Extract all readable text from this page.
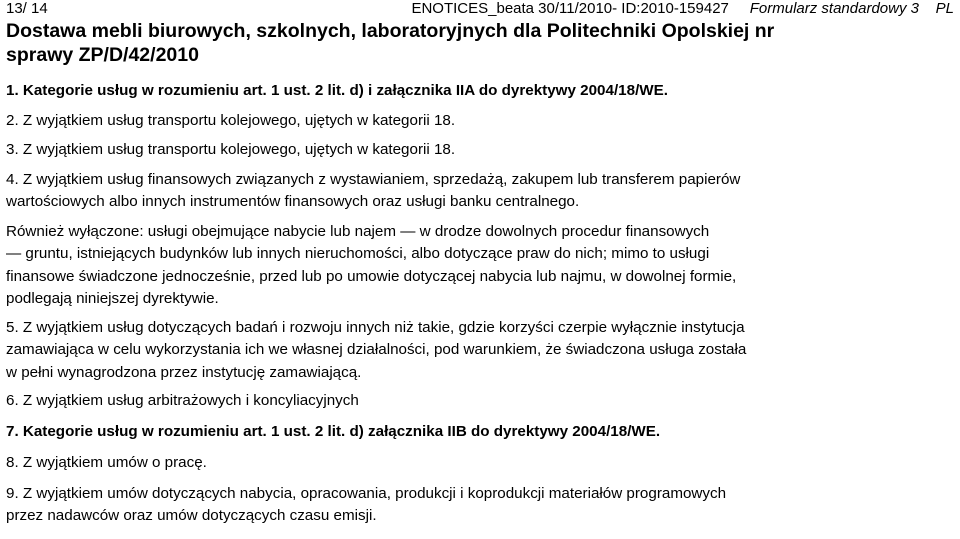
13/ 14	ENOTICES_beata 30/11/2010- ID:2010-159427 Formularz standardowy 3 PL
Dostawa mebli biurowych, szkolnych, laboratoryjnych dla Politechniki Opolskiej nr
sprawy ZP/D/42/2010

1. Kategorie usług w rozumieniu art. 1 ust. 2 lit. d) i załącznika IIA do dyrektywy 2004/18/WE.

2. Z wyjątkiem usług transportu kolejowego, ujętych w kategorii 18.

3. Z wyjątkiem usług transportu kolejowego, ujętych w kategorii 18.

4. Z wyjątkiem usług finansowych związanych z wystawianiem, sprzedażą, zakupem lub transferem papierów
wartościowych albo innych instrumentów finansowych oraz usługi banku centralnego.
Również wyłączone: usługi obejmujące nabycie lub najem — w drodze dowolnych procedur finansowych
— gruntu, istniejących budynków lub innych nieruchomości, albo dotyczące praw do nich; mimo to usługi
finansowe świadczone jednocześnie, przed lub po umowie dotyczącej nabycia lub najmu, w dowolnej formie,
podlegają niniejszej dyrektywie.
5. Z wyjątkiem usług dotyczących badań i rozwoju innych niż takie, gdzie korzyści czerpie wyłącznie instytucja
zamawiająca w celu wykorzystania ich we własnej działalności, pod warunkiem, że świadczona usługa została
w pełni wynagrodzona przez instytucję zamawiającą.

6. Z wyjątkiem usług arbitrażowych i koncyliacyjnych

7. Kategorie usług w rozumieniu art. 1 ust. 2 lit. d) załącznika IIB do dyrektywy 2004/18/WE.

8. Z wyjątkiem umów o pracę.

9. Z wyjątkiem umów dotyczących nabycia, opracowania, produkcji i koprodukcji materiałów programowych
przez nadawców oraz umów dotyczących czasu emisji.
